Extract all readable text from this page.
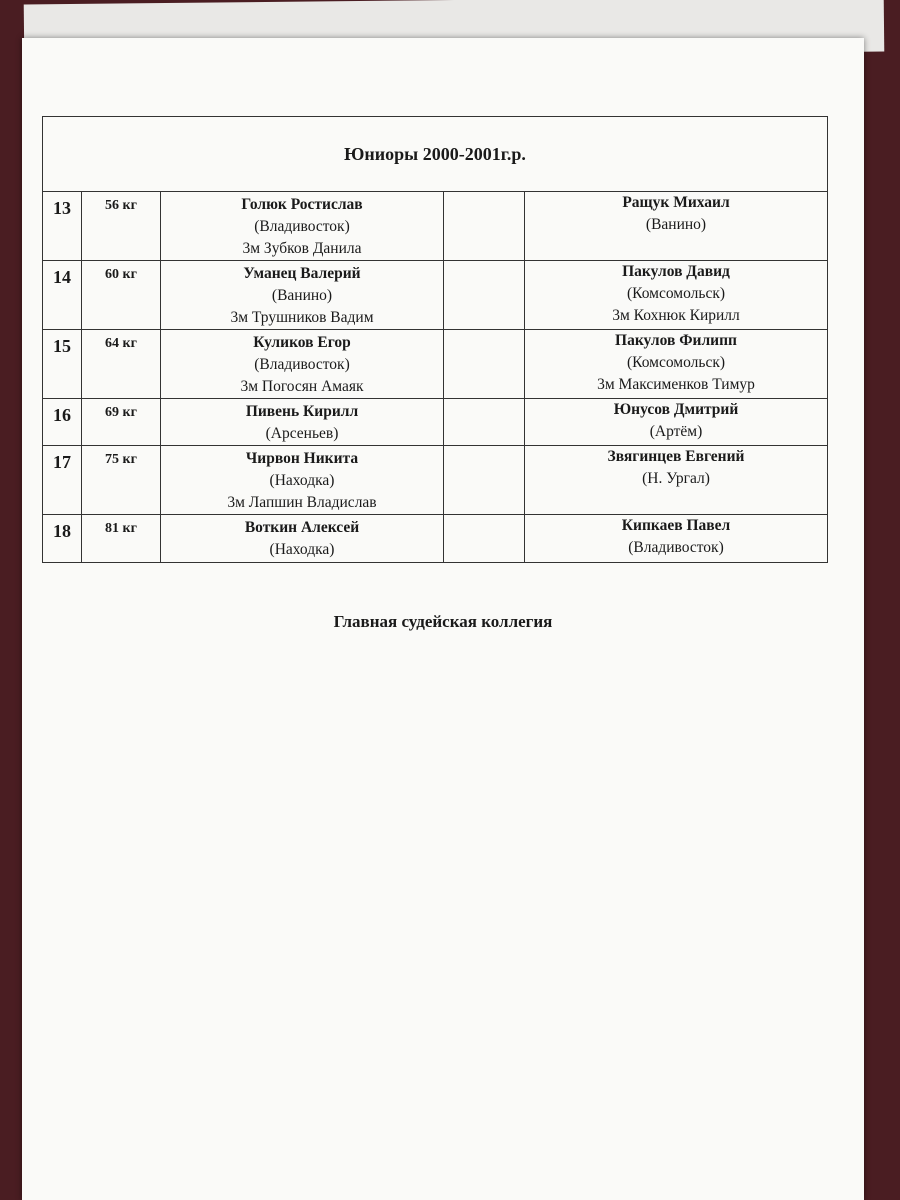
Юниоры 2000-2001г.р.				
13	56 кг	Голюк Ростислав
(Владивосток)
3м Зубков Данила		Ращук Михаил
(Ванино)

14	60 кг	Уманец Валерий
(Ванино)
3м Трушников Вадим		Пакулов Давид
(Комсомольск)
3м Кохнюк Кирилл

15	64 кг	Куликов Егор
(Владивосток)
3м Погосян Амаяк		Пакулов Филипп
(Комсомольск)
3м Максименков Тимур

16	69 кг	Пивень Кирилл
(Арсеньев)		Юнусов Дмитрий
(Артём)

17	75 кг	Чирвон Никита
(Находка)
3м Лапшин Владислав		Звягинцев Евгений
(Н. Ургал)

18	81 кг	Воткин Алексей
(Находка)		Кипкаев Павел
(Владивосток)
Главная судейская коллегия
